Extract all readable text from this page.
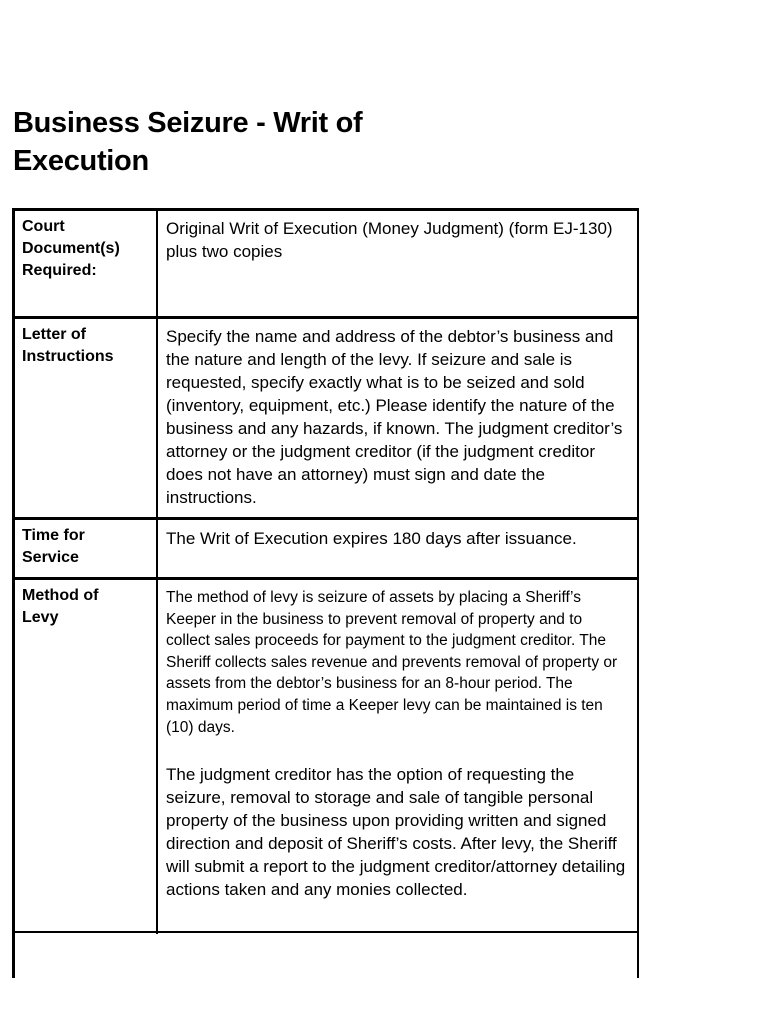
Business Seizure - Writ of Execution
Court Document(s) Required:

Original Writ of Execution (Money Judgment) (form EJ-130) plus two copies

Letter of Instructions

Specify the name and address of the debtor’s business and the nature and length of the levy. If seizure and sale is requested, specify exactly what is to be seized and sold (inventory, equipment, etc.) Please identify the nature of the business and any hazards, if known. The judgment creditor’s attorney or the judgment creditor (if the judgment creditor does not have an attorney) must sign and date the instructions.

Time for Service

The Writ of Execution expires 180 days after issuance.

Method of Levy

The method of levy is seizure of assets by placing a Sheriff’s Keeper in the business to prevent removal of property and to collect sales proceeds for payment to the judgment creditor. The Sheriff collects sales revenue and prevents removal of property or assets from the debtor’s business for an 8-hour period. The maximum period of time a Keeper levy can be maintained is ten (10) days.

The judgment creditor has the option of requesting the seizure, removal to storage and sale of tangible personal property of the business upon providing written and signed direction and deposit of Sheriff’s costs. After levy, the Sheriff will submit a report to the judgment creditor/attorney detailing actions taken and any monies collected.
